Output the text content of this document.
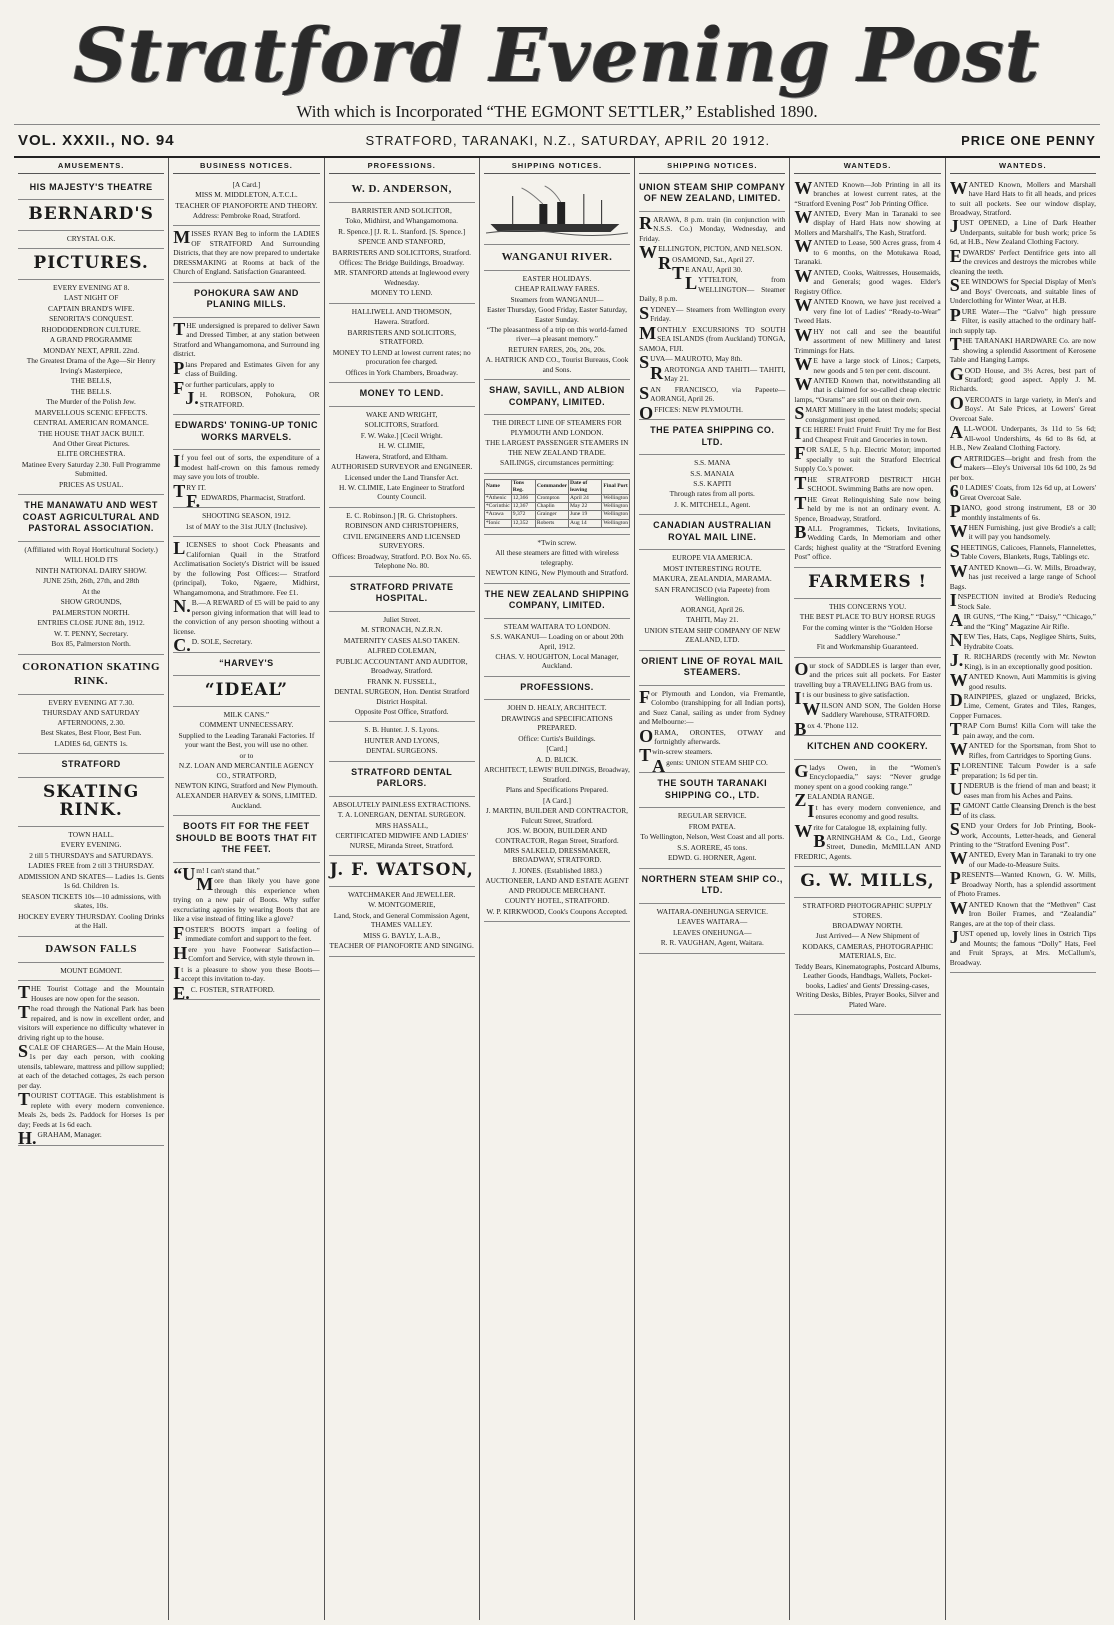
Stratford Evening Post
With which is Incorporated “THE EGMONT SETTLER,” Established 1890.
VOL. XXXII., NO. 94	STRATFORD, TARANAKI, N.Z., SATURDAY, APRIL 20 1912.	PRICE ONE PENNY
AMUSEMENTS.

HIS MAJESTY'S THEATRE

BERNARD'S

CRYSTAL O.K.

PICTURES.

EVERY EVENING AT 8.

LAST NIGHT OF

CAPTAIN BRAND'S WIFE.

SENORITA'S CONQUEST.

RHODODENDRON CULTURE.

A GRAND PROGRAMME

MONDAY NEXT, APRIL 22nd.

The Greatest Drama of the Age—Sir Henry Irving's Masterpiece,

THE BELLS,

THE BELLS.

The Murder of the Polish Jew.

MARVELLOUS SCENIC EFFECTS.

CENTRAL AMERICAN ROMANCE.

THE HOUSE THAT JACK BUILT.

And Other Great Pictures.

ELITE ORCHESTRA.

Matinee Every Saturday 2.30. Full Programme Submitted.

PRICES AS USUAL.

THE MANAWATU AND WEST COAST AGRICULTURAL AND PASTORAL ASSOCIATION.

(Affiliated with Royal Horticultural Society.)

WILL HOLD ITS

NINTH NATIONAL DAIRY SHOW.

JUNE 25th, 26th, 27th, and 28th

At the

SHOW GROUNDS,

PALMERSTON NORTH.

ENTRIES CLOSE JUNE 8th, 1912.

W. T. PENNY, Secretary.

Box 85, Palmerston North.

CORONATION SKATING RINK.

EVERY EVENING AT 7.30.

THURSDAY AND SATURDAY AFTERNOONS, 2.30.

Best Skates, Best Floor, Best Fun.

LADIES 6d, GENTS 1s.

STRATFORD

SKATING RINK.

TOWN HALL.

EVERY EVENING.

2 till 5 THURSDAYS and SATURDAYS.

LADIES FREE from 2 till 3 THURSDAY.

ADMISSION AND SKATES— Ladies 1s. Gents 1s 6d. Children 1s.

SEASON TICKETS 10s—10 admissions, with skates, 10s.

HOCKEY EVERY THURSDAY. Cooling Drinks at the Hall.

DAWSON FALLS

MOUNT EGMONT.

THE Tourist Cottage and the Mountain Houses are now open for the season.

The road through the National Park has been repaired, and is now in excellent order, and visitors will experience no difficulty whatever in driving right up to the house.

SCALE OF CHARGES— At the Main House, 1s per day each person, with cooking utensils, tableware, mattress and pillow supplied; at each of the detached cottages, 2s each person per day.

TOURIST COTTAGE. This establishment is replete with every modern convenience. Meals 2s, beds 2s. Paddock for Horses 1s per day; Feeds at 1s 6d each.

H.GRAHAM, Manager.

BUSINESS NOTICES.

[A Card.]

MISS M. MIDDLETON, A.T.C.L.

TEACHER OF PIANOFORTE AND THEORY.

Address: Pembroke Road, Stratford.

MISSES RYAN Beg to inform the LADIES OF STRATFORD And Surrounding Districts, that they are now prepared to undertake DRESSMAKING at Rooms at back of the Church of England. Satisfaction Guaranteed.

POHOKURA SAW AND PLANING MILLS.

THE undersigned is prepared to deliver Sawn and Dressed Timber, at any station between Stratford and Whangamomona, and Surround ing district.

Plans Prepared and Estimates Given for any class of Building.

For further particulars, apply to

J.H. ROBSON, Pohokura, OR STRATFORD.

EDWARDS' TONING-UP TONIC WORKS MARVELS.

If you feel out of sorts, the expenditure of a modest half-crown on this famous remedy may save you lots of trouble.

TRY IT.

F.EDWARDS, Pharmacist, Stratford.

SHOOTING SEASON, 1912.

1st of MAY to the 31st JULY (Inclusive).

LICENSES to shoot Cock Pheasants and Californian Quail in the Stratford Acclimatisation Society's District will be issued by the following Post Offices:— Stratford (principal), Toko, Ngaere, Midhirst, Whangamomona, and Strathmore. Fee £1.

N.B.—A REWARD of £5 will be paid to any person giving information that will lead to the conviction of any person shooting without a license.

C.D. SOLE, Secretary.

“HARVEY'S

“IDEAL”

MILK CANS.”

COMMENT UNNECESSARY.

Supplied to the Leading Taranaki Factories. If your want the Best, you will use no other.

or to

N.Z. LOAN AND MERCANTILE AGENCY CO., STRATFORD,

NEWTON KING, Stratford and New Plymouth.

ALEXANDER HARVEY & SONS, LIMITED. Auckland.

BOOTS FIT FOR THE FEET SHOULD BE BOOTS THAT FIT THE FEET.

“Um! I can't stand that.”

More than likely you have gone through this experience when trying on a new pair of Boots. Why suffer excruciating agonies by wearing Boots that are like a vise instead of fitting like a glove?

FOSTER'S BOOTS impart a feeling of immediate comfort and support to the feet.

Here you have Footwear Satisfaction—Comfort and Service, with style thrown in.

It is a pleasure to show you these Boots—accept this invitation to-day.

E.C. FOSTER, STRATFORD.

PROFESSIONS.

W. D. ANDERSON,

BARRISTER AND SOLICITOR,

Toko, Midhirst, and Whangamomona.

R. Spence.] [J. R. L. Stanford. [S. Spence.]

SPENCE AND STANFORD,

BARRISTERS AND SOLICITORS, Stratford.

Offices: The Bridge Buildings, Broadway.

MR. STANFORD attends at Inglewood every Wednesday.

MONEY TO LEND.

HALLIWELL AND THOMSON,

Hawera. Stratford.

BARRISTERS AND SOLICITORS, STRATFORD.

MONEY TO LEND at lowest current rates; no procuration fee charged.

Offices in York Chambers, Broadway.

MONEY TO LEND.

WAKE AND WRIGHT,

SOLICITORS, Stratford.

F. W. Wake.] [Cecil Wright.

H. W. CLIMIE,

Hawera, Stratford, and Eltham.

AUTHORISED SURVEYOR and ENGINEER.

Licensed under the Land Transfer Act.

H. W. CLIMIE, Late Engineer to Stratford County Council.

E. C. Robinson.] [R. G. Christophers.

ROBINSON AND CHRISTOPHERS,

CIVIL ENGINEERS AND LICENSED SURVEYORS.

Offices: Broadway, Stratford. P.O. Box No. 65. Telephone No. 80.

STRATFORD PRIVATE HOSPITAL.

Juliet Street.

M. STRONACH, N.Z.R.N.

MATERNITY CASES ALSO TAKEN.

ALFRED COLEMAN,

PUBLIC ACCOUNTANT AND AUDITOR, Broadway, Stratford.

FRANK N. FUSSELL,

DENTAL SURGEON, Hon. Dentist Stratford District Hospital.

Opposite Post Office, Stratford.

S. B. Hunter. J. S. Lyons.

HUNTER AND LYONS,

DENTAL SURGEONS.

STRATFORD DENTAL PARLORS.

ABSOLUTELY PAINLESS EXTRACTIONS.

T. A. LONERGAN, DENTAL SURGEON.

MRS HASSALL,

CERTIFICATED MIDWIFE AND LADIES' NURSE, Miranda Street, Stratford.

J. F. WATSON,

WATCHMAKER And JEWELLER.

W. MONTGOMERIE,

Land, Stock, and General Commission Agent, THAMES VALLEY.

MISS G. BAYLY, L.A.B.,

TEACHER OF PIANOFORTE AND SINGING.

SHIPPING NOTICES.

WANGANUI RIVER.

EASTER HOLIDAYS.

CHEAP RAILWAY FARES.

Steamers from WANGANUI—

Easter Thursday, Good Friday, Easter Saturday, Easter Sunday.

“The pleasantness of a trip on this world-famed river—a pleasant memory.”

RETURN FARES, 20s, 20s, 20s.

A. HATRICK AND CO., Tourist Bureaus, Cook and Sons.

SHAW, SAVILL, AND ALBION COMPANY, LIMITED.

THE DIRECT LINE OF STEAMERS FOR PLYMOUTH AND LONDON.

THE LARGEST PASSENGER STEAMERS IN THE NEW ZEALAND TRADE.

SAILINGS, circumstances permitting:

Name	Tons Reg.	Commander	Date of leaving	Final Port
*Athenic	12,366	Crompton	April 24	Wellington
*Corinthic	12,367	Chaplin	May 22	Wellington
*Arawa	9,372	Grainger	June 19	Wellington
*Ionic	12,352	Roberts	Aug 14	Wellington

*Twin screw.

All these steamers are fitted with wireless telegraphy.

NEWTON KING, New Plymouth and Stratford.

THE NEW ZEALAND SHIPPING COMPANY, LIMITED.

STEAM WAITARA TO LONDON.

S.S. WAKANUI— Loading on or about 20th April, 1912.

CHAS. V. HOUGHTON, Local Manager, Auckland.

PROFESSIONS.

JOHN D. HEALY, ARCHITECT.

DRAWINGS and SPECIFICATIONS PREPARED.

Office: Curtis's Buildings.

[Card.]

A. D. BLICK.

ARCHITECT, LEWIS' BUILDINGS, Broadway, Stratford.

Plans and Specifications Prepared.

[A Card.]

J. MARTIN, BUILDER AND CONTRACTOR, Fulcutt Street, Stratford.

JOS. W. BOON, BUILDER AND CONTRACTOR, Regan Street, Stratford.

MRS SALKELD, DRESSMAKER, BROADWAY, STRATFORD.

J. JONES. (Established 1883.)

AUCTIONEER, LAND AND ESTATE AGENT AND PRODUCE MERCHANT.

COUNTY HOTEL, STRATFORD.

W. P. KIRKWOOD, Cook's Coupons Accepted.

SHIPPING NOTICES.

UNION STEAM SHIP COMPANY OF NEW ZEALAND, LIMITED.

RARAWA, 8 p.m. train (in conjunction with N.S.S. Co.) Monday, Wednesday, and Friday.

WELLINGTON, PICTON, AND NELSON.

ROSAMOND, Sat., April 27.

TE ANAU, April 30.

LYTTELTON, from WELLINGTON— Steamer Daily, 8 p.m.

SYDNEY— Steamers from Wellington every Friday.

MONTHLY EXCURSIONS TO SOUTH SEA ISLANDS (from Auckland) TONGA, SAMOA, FIJI.

SUVA— MAUROTO, May 8th.

RAROTONGA AND TAHITI— TAHITI, May 21.

SAN FRANCISCO, via Papeete— AORANGI, April 26.

OFFICES: NEW PLYMOUTH.

THE PATEA SHIPPING CO. LTD.

S.S. MANA

S.S. MANAIA

S.S. KAPITI

Through rates from all ports.

J. K. MITCHELL, Agent.

CANADIAN AUSTRALIAN ROYAL MAIL LINE.

EUROPE VIA AMERICA.

MOST INTERESTING ROUTE.

MAKURA, ZEALANDIA, MARAMA.

SAN FRANCISCO (via Papeete) from Wellington.

AORANGI, April 26.

TAHITI, May 21.

UNION STEAM SHIP COMPANY OF NEW ZEALAND, LTD.

ORIENT LINE OF ROYAL MAIL STEAMERS.

For Plymouth and London, via Fremantle, Colombo (transhipping for all Indian ports), and Suez Canal, sailing as under from Sydney and Melbourne:—

ORAMA, ORONTES, OTWAY and fortnightly afterwards.

Twin-screw steamers.

Agents: UNION STEAM SHIP CO.

THE SOUTH TARANAKI SHIPPING CO., LTD.

REGULAR SERVICE.

FROM PATEA.

To Wellington, Nelson, West Coast and all ports.

S.S. AORERE, 45 tons.

EDWD. G. HORNER, Agent.

NORTHERN STEAM SHIP CO., LTD.

WAITARA-ONEHUNGA SERVICE.

LEAVES WAITARA—

LEAVES ONEHUNGA—

R. R. VAUGHAN, Agent, Waitara.

WANTEDS.

WANTED Known—Job Printing in all its branches at lowest current rates, at the “Stratford Evening Post” Job Printing Office.

WANTED, Every Man in Taranaki to see display of Hard Hats now showing at Mollers and Marshall's, The Kash, Stratford.

WANTED to Lease, 500 Acres grass, from 4 to 6 months, on the Motukawa Road, Taranaki.

WANTED, Cooks, Waitresses, Housemaids, and Generals; good wages. Elder's Registry Office.

WANTED Known, we have just received a very fine lot of Ladies' “Ready-to-Wear” Tweed Hats.

WHY not call and see the beautiful assortment of new Millinery and latest Trimmings for Hats.

WE have a large stock of Linos.; Carpets, new goods and 5 ten per cent. discount.

WANTED Known that, notwithstanding all that is claimed for so-called cheap electric lamps, “Osrams” are still out on their own.

SMART Millinery in the latest models; special consignment just opened.

ICE HERE! Fruit! Fruit! Fruit! Try me for Best and Cheapest Fruit and Groceries in town.

FOR SALE, 5 h.p. Electric Motor; imported specially to suit the Stratford Electrical Supply Co.'s power.

THE STRATFORD DISTRICT HIGH SCHOOL Swimming Baths are now open.

THE Great Relinquishing Sale now being held by me is not an ordinary event. A. Spence, Broadway, Stratford.

BALL Programmes, Tickets, Invitations, Wedding Cards, In Memoriam and other Cards; highest quality at the “Stratford Evening Post” office.

FARMERS !

THIS CONCERNS YOU.

THE BEST PLACE TO BUY HORSE RUGS

For the coming winter is the “Golden Horse Saddlery Warehouse.”

Fit and Workmanship Guaranteed.

Our stock of SADDLES is larger than ever, and the prices suit all pockets. For Easter travelling buy a TRAVELLING BAG from us.

It is our business to give satisfaction.

WILSON AND SON, The Golden Horse Saddlery Warehouse, STRATFORD.

Box 4. 'Phone 112.

KITCHEN AND COOKERY.

Gladys Owen, in the “Women's Encyclopaedia,” says: “Never grudge money spent on a good cooking range.”

ZEALANDIA RANGE.

It has every modern convenience, and ensures economy and good results.

Write for Catalogue 18, explaining fully.

BARNINGHAM & Co., Ltd., George Street, Dunedin, McMILLAN AND FREDRIC, Agents.

G. W. MILLS,

STRATFORD PHOTOGRAPHIC SUPPLY STORES.

BROADWAY NORTH.

Just Arrived— A New Shipment of

KODAKS, CAMERAS, PHOTOGRAPHIC MATERIALS, Etc.

Teddy Bears, Kinematographs, Postcard Albums, Leather Goods, Handbags, Wallets, Pocket-books, Ladies' and Gents' Dressing-cases, Writing Desks, Bibles, Prayer Books, Silver and Plated Ware.

WANTEDS.

WANTED Known, Mollers and Marshall have Hard Hats to fit all heads, and prices to suit all pockets. See our window display, Broadway, Stratford.

JUST OPENED, a Line of Dark Heather Underpants, suitable for bush work; price 5s 6d, at H.B., New Zealand Clothing Factory.

EDWARDS' Perfect Dentifrice gets into all the crevices and destroys the microbes while cleaning the teeth.

SEE WINDOWS for Special Display of Men's and Boys' Overcoats, and suitable lines of Underclothing for Winter Wear, at H.B.

PURE Water—The “Galvo” high pressure Filter, is easily attached to the ordinary half-inch supply tap.

THE TARANAKI HARDWARE Co. are now showing a splendid Assortment of Kerosene Table and Hanging Lamps.

GOOD House, and 3½ Acres, best part of Stratford; good aspect. Apply J. M. Richards.

OVERCOATS in large variety, in Men's and Boys'. At Sale Prices, at Lowers' Great Overcoat Sale.

ALL-WOOL Underpants, 3s 11d to 5s 6d; All-wool Undershirts, 4s 6d to 8s 6d, at H.B., New Zealand Clothing Factory.

CARTRIDGES—bright and fresh from the makers—Eley's Universal 10s 6d 100, 2s 9d per box.

60 LADIES' Coats, from 12s 6d up, at Lowers' Great Overcoat Sale.

PIANO, good strong instrument, £8 or 30 monthly instalments of 6s.

WHEN Furnishing, just give Brodie's a call; it will pay you handsomely.

SHEETINGS, Calicoes, Flannels, Flannelettes, Table Covers, Blankets, Rugs, Tablings etc.

WANTED Known—G. W. Mills, Broadway, has just received a large range of School Bags.

INSPECTION invited at Brodie's Reducing Stock Sale.

AIR GUNS, “The King,” “Daisy,” “Chicago,” and the “King” Magazine Air Rifle.

NEW Ties, Hats, Caps, Negligee Shirts, Suits, Hydrabite Coats.

J.R. RICHARDS (recently with Mr. Newton King), is in an exceptionally good position.

WANTED Known, Auti Mammitis is giving good results.

DRAINPIPES, glazed or unglazed, Bricks, Lime, Cement, Grates and Tiles, Ranges, Copper Furnaces.

TRAP Corn Burns! Killa Corn will take the pain away, and the corn.

WANTED for the Sportsman, from Shot to Rifles, from Cartridges to Sporting Guns.

FLORENTINE Talcum Powder is a safe preparation; 1s 6d per tin.

UNDERUB is the friend of man and beast; it eases man from his Aches and Pains.

EGMONT Cattle Cleansing Drench is the best of its class.

SEND your Orders for Job Printing, Book-work, Accounts, Letter-heads, and General Printing to the “Stratford Evening Post”.

WANTED, Every Man in Taranaki to try one of our Made-to-Measure Suits.

PRESENTS—Wanted Known, G. W. Mills, Broadway North, has a splendid assortment of Photo Frames.

WANTED Known that the “Methven” Cast Iron Boiler Frames, and “Zealandia” Ranges, are at the top of their class.

JUST opened up, lovely lines in Ostrich Tips and Mounts; the famous “Dolly” Hats, Feel and Fruit Sprays, at Mrs. McCallum's, Broadway.
